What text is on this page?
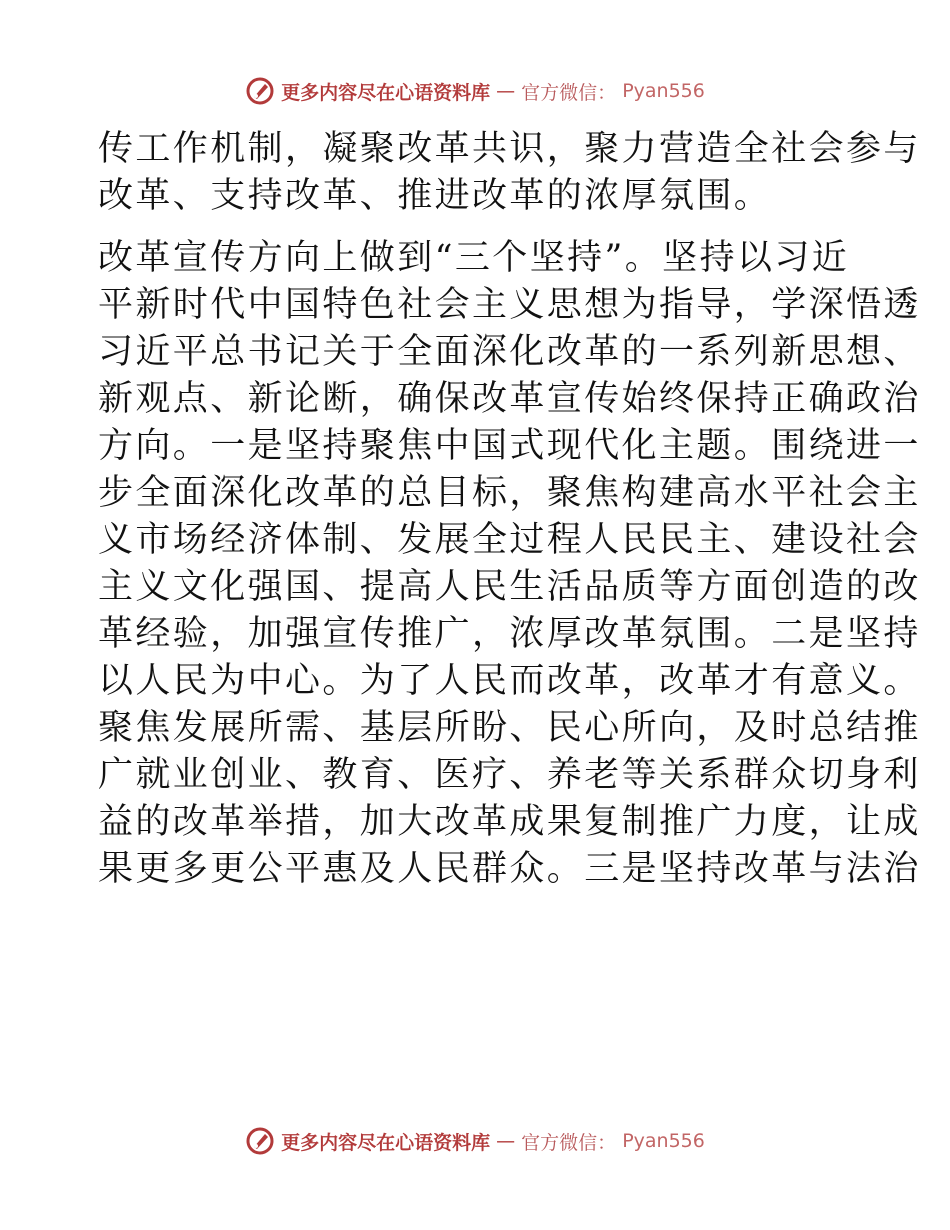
更多内容尽在心语资料库 — 官方微信： Pyan556

传工作机制，凝聚改革共识，聚力营造全社会参与
改革、支持改革、推进改革的浓厚氛围。

改革宣传方向上做到“三个坚持”。坚持以习近
平新时代中国特色社会主义思想为指导，学深悟透
习近平总书记关于全面深化改革的一系列新思想、
新观点、新论断，确保改革宣传始终保持正确政治
方向。一是坚持聚焦中国式现代化主题。围绕进一
步全面深化改革的总目标，聚焦构建高水平社会主
义市场经济体制、发展全过程人民民主、建设社会
主义文化强国、提高人民生活品质等方面创造的改
革经验，加强宣传推广，浓厚改革氛围。二是坚持
以人民为中心。为了人民而改革，改革才有意义。
聚焦发展所需、基层所盼、民心所向，及时总结推
广就业创业、教育、医疗、养老等关系群众切身利
益的改革举措，加大改革成果复制推广力度，让成
果更多更公平惠及人民群众。三是坚持改革与法治

更多内容尽在心语资料库 — 官方微信： Pyan556
